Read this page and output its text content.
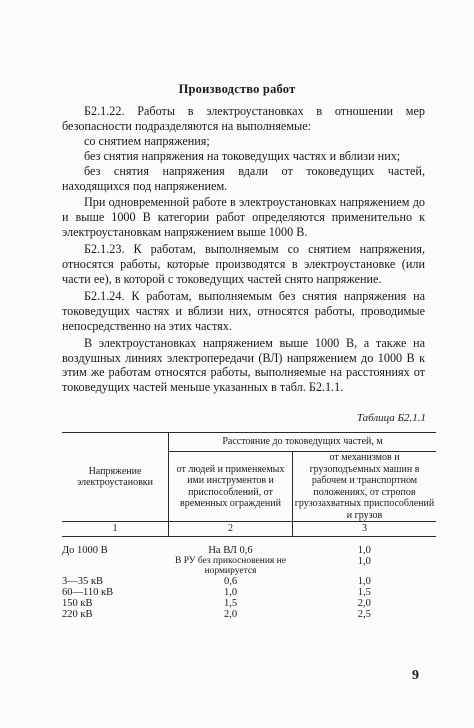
Производство работ

Б2.1.22. Работы в электроустановках в отношении мер безопасности подразделяются на выполняемые:

со снятием напряжения;

без снятия напряжения на токоведущих частях и вблизи них;

без снятия напряжения вдали от токоведущих частей, находящихся под напряжением.

При одновременной работе в электроустановках напряжением до и выше 1000 В категории работ определяются применительно к электроустановкам напряжением выше 1000 В.

Б2.1.23. К работам, выполняемым со снятием напряжения, относятся работы, которые производятся в электроустановке (или части ее), в которой с токоведущих частей снято напряжение.

Б2.1.24. К работам, выполняемым без снятия напряжения на токоведущих частях и вблизи них, относятся работы, проводимые непосредственно на этих частях.

В электроустановках напряжением выше 1000 В, а также на воздушных линиях электропередачи (ВЛ) напряжением до 1000 В к этим же работам относятся работы, выполняемые на расстояниях от токоведущих частей меньше указанных в табл. Б2.1.1.

Таблица Б2.1.1
Напряжение электроустановки	Расстояние до токоведущих частей, м	
	от людей и применяемых ими инструментов и приспособлений, от временных ограждений	от механизмов и грузоподъемных машин в рабочем и транспортном положениях, от стропов грузозахватных приспособлений и грузов
1	2	3
До 1000 В	На ВЛ 0,6	1,0
	В РУ без прикосновения не нормируется	1,0
3—35 кВ	0,6	1,0
60—110 кВ	1,0	1,5
150 кВ	1,5	2,0
220 кВ	2,0	2,5
9
